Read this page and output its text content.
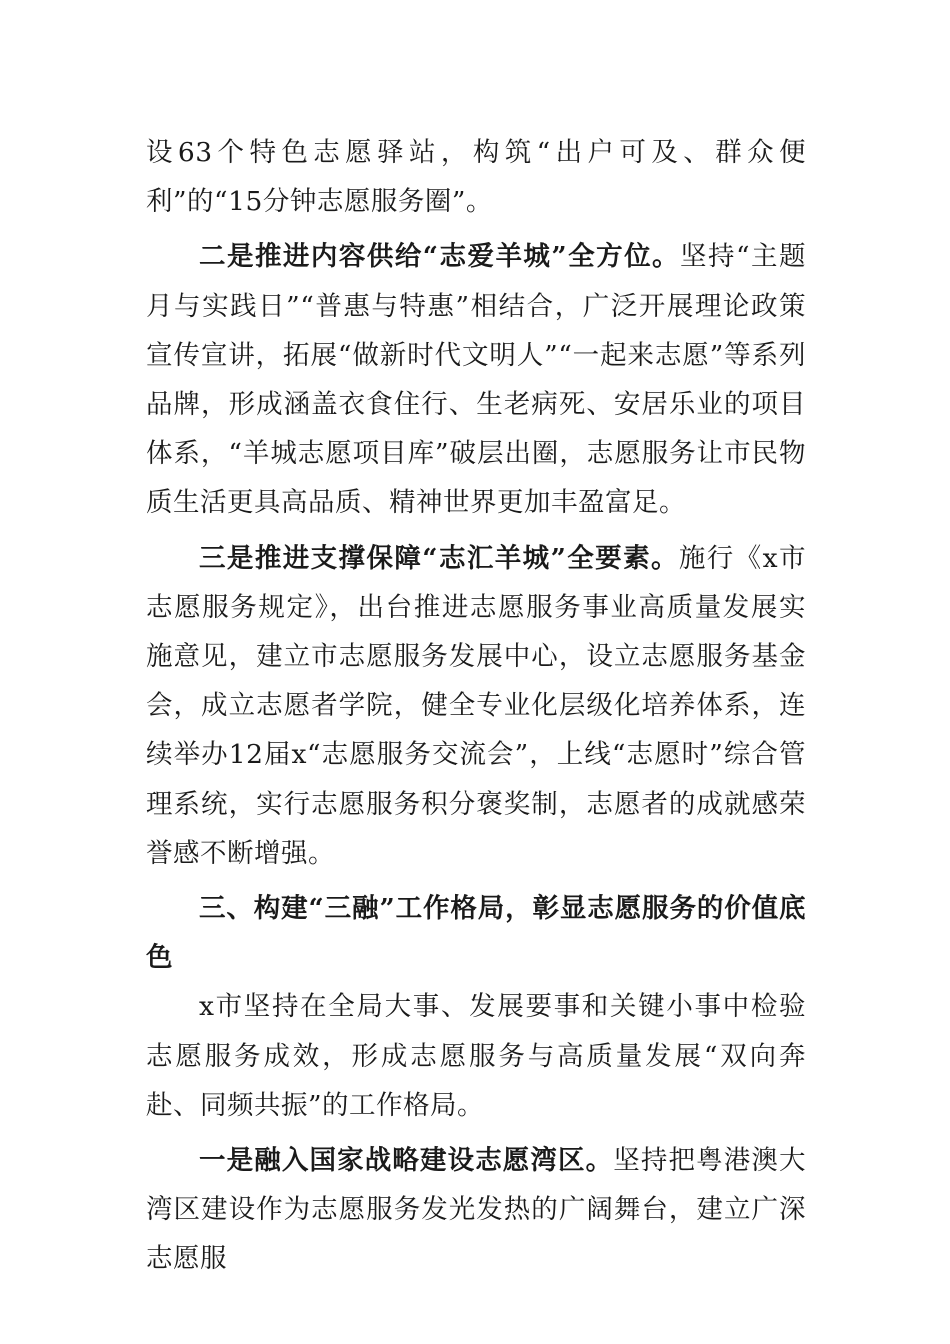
设63个特色志愿驿站，构筑“出户可及、群众便利”的“15分钟志愿服务圈”。

二是推进内容供给“志爱羊城”全方位。坚持“主题月与实践日”“普惠与特惠”相结合，广泛开展理论政策宣传宣讲，拓展“做新时代文明人”“一起来志愿”等系列品牌，形成涵盖衣食住行、生老病死、安居乐业的项目体系，“羊城志愿项目库”破层出圈，志愿服务让市民物质生活更具高品质、精神世界更加丰盈富足。

三是推进支撑保障“志汇羊城”全要素。施行《x市志愿服务规定》，出台推进志愿服务事业高质量发展实施意见，建立市志愿服务发展中心，设立志愿服务基金会，成立志愿者学院，健全专业化层级化培养体系，连续举办12届x“志愿服务交流会”，上线“志愿时”综合管理系统，实行志愿服务积分褒奖制，志愿者的成就感荣誉感不断增强。

三、构建“三融”工作格局，彰显志愿服务的价值底色

x市坚持在全局大事、发展要事和关键小事中检验志愿服务成效，形成志愿服务与高质量发展“双向奔赴、同频共振”的工作格局。

一是融入国家战略建设志愿湾区。坚持把粤港澳大湾区建设作为志愿服务发光发热的广阔舞台，建立广深志愿服
